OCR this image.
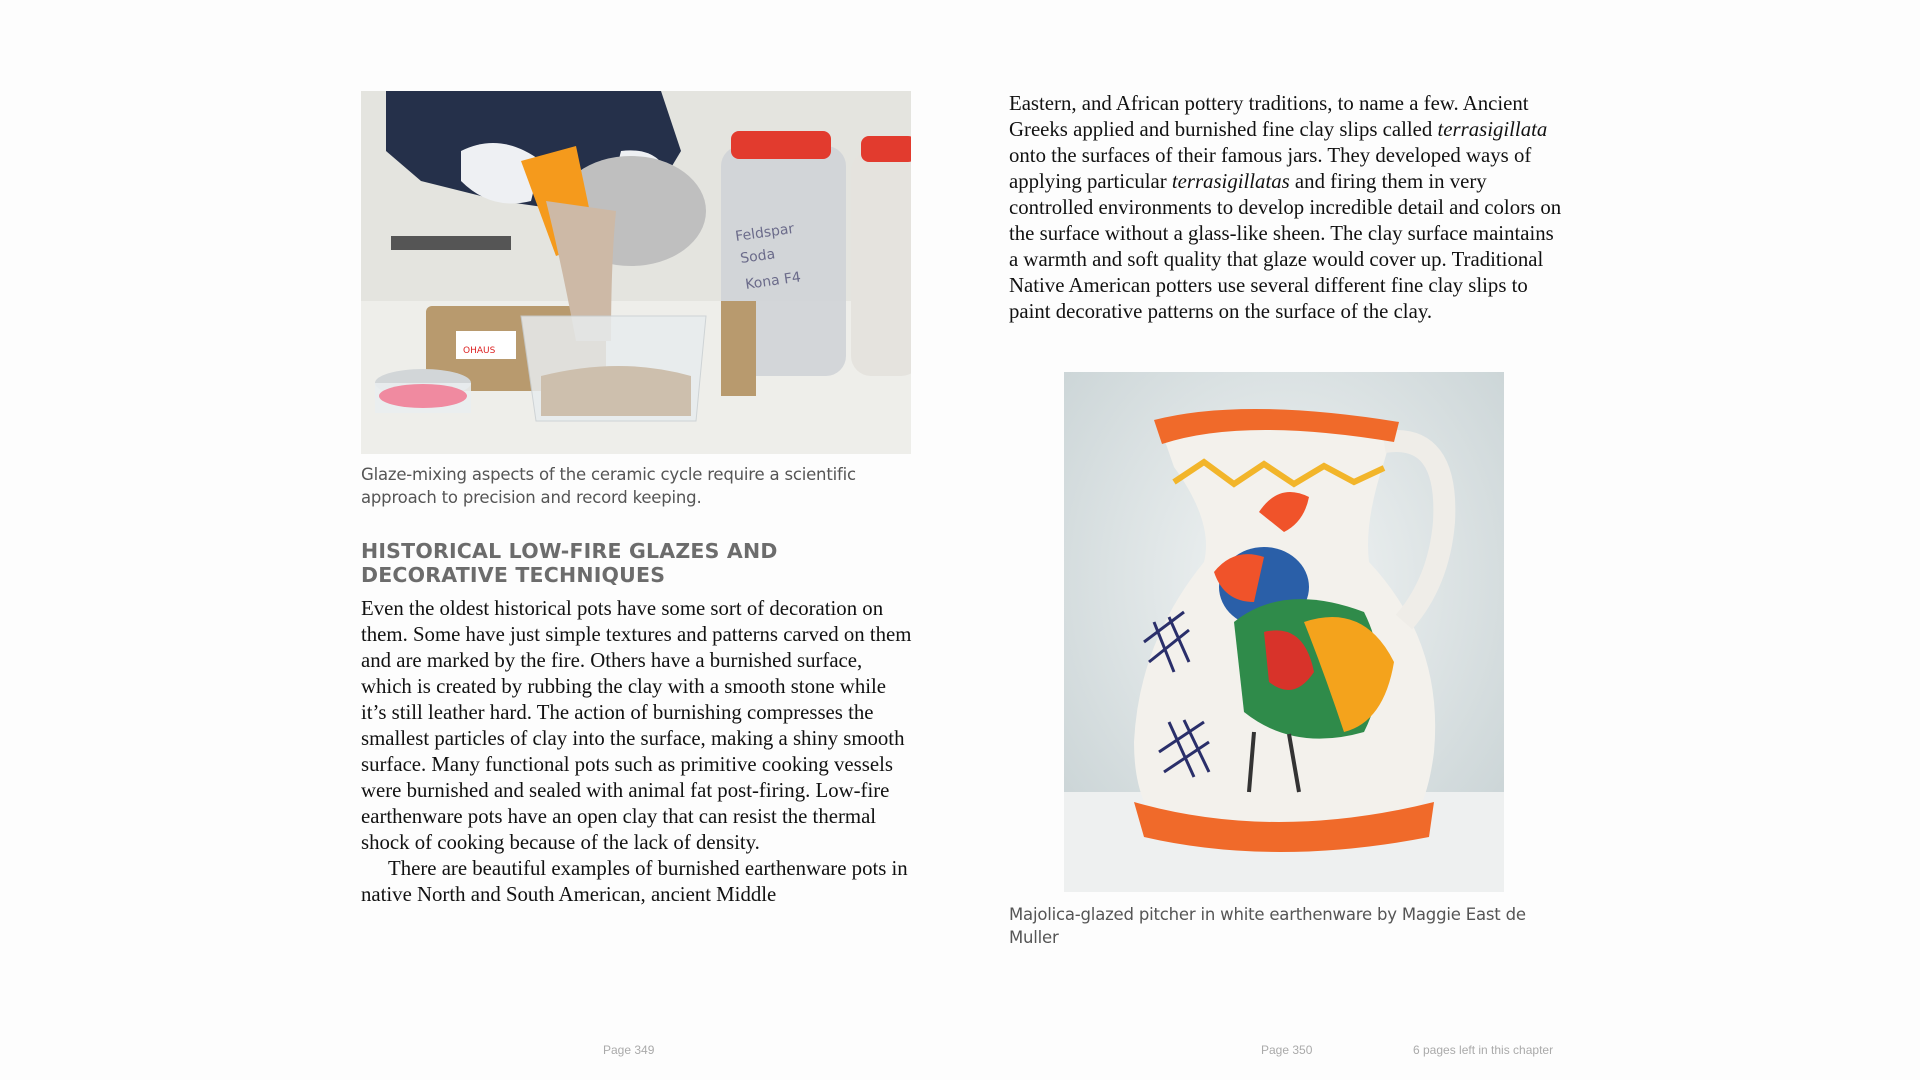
Feldspar
Soda
Kona F4
OHAUS
Glaze-mixing aspects of the ceramic cycle require a scientific approach to precision and record keeping.
HISTORICAL LOW-FIRE GLAZES AND DECORATIVE TECHNIQUES

Even the oldest historical pots have some sort of decoration on them. Some have just simple textures and patterns carved on them and are marked by the fire. Others have a burnished surface, which is created by rubbing the clay with a smooth stone while it’s still leather hard. The action of burnishing compresses the smallest particles of clay into the surface, making a shiny smooth surface. Many functional pots such as primitive cooking vessels were burnished and sealed with animal fat post-firing. Low-fire earthenware pots have an open clay that can resist the thermal shock of cooking because of the lack of density.

There are beautiful examples of burnished earthenware pots in native North and South American, ancient Middle

Page 349

Eastern, and African pottery traditions, to name a few. Ancient Greeks applied and burnished fine clay slips called terrasigillata onto the surfaces of their famous jars. They developed ways of applying particular terrasigillatas and firing them in very controlled environments to develop incredible detail and colors on the surface without a glass-like sheen. The clay surface maintains a warmth and soft quality that glaze would cover up. Traditional Native American potters use several different fine clay slips to paint decorative patterns on the surface of the clay.

Majolica-glazed pitcher in white earthenware by Maggie East de Muller
Page 350	6 pages left in this chapter
